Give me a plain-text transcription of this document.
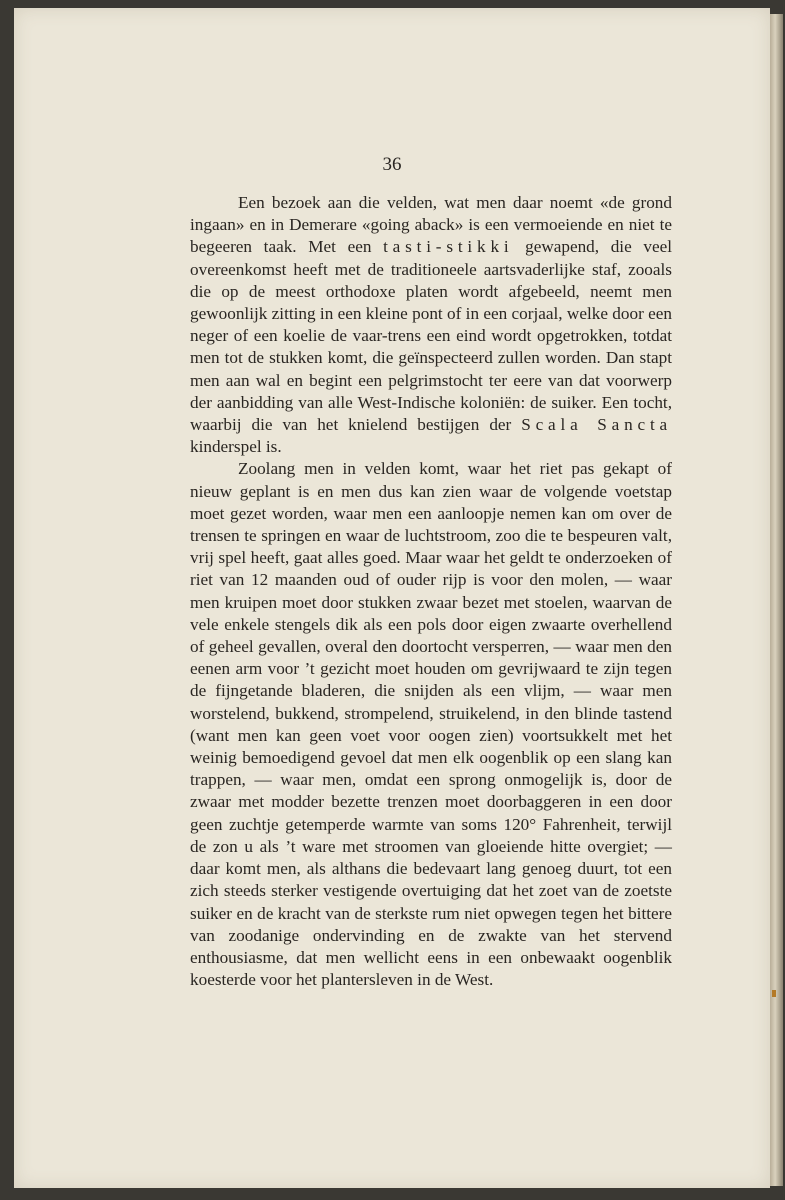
36

Een bezoek aan die velden, wat men daar noemt «de grond ingaan» en in Demerare «going aback» is een vermoeiende en niet te begeeren taak. Met een tasti-stikki gewapend, die veel overeenkomst heeft met de traditioneele aartsvaderlijke staf, zooals die op de meest orthodoxe platen wordt afgebeeld, neemt men gewoonlijk zitting in een kleine pont of in een corjaal, welke door een neger of een koelie de vaar-trens een eind wordt opgetrokken, totdat men tot de stukken komt, die geïnspecteerd zullen worden. Dan stapt men aan wal en begint een pelgrimstocht ter eere van dat voorwerp der aanbidding van alle West-Indische koloniën: de suiker. Een tocht, waarbij die van het knielend bestijgen der Scala Sancta kinderspel is.

Zoolang men in velden komt, waar het riet pas gekapt of nieuw geplant is en men dus kan zien waar de volgende voetstap moet gezet worden, waar men een aanloopje nemen kan om over de trensen te springen en waar de luchtstroom, zoo die te bespeuren valt, vrij spel heeft, gaat alles goed. Maar waar het geldt te onderzoeken of riet van 12 maanden oud of ouder rijp is voor den molen, — waar men kruipen moet door stukken zwaar bezet met stoelen, waarvan de vele enkele stengels dik als een pols door eigen zwaarte overhellend of geheel gevallen, overal den doortocht versperren, — waar men den eenen arm voor ’t gezicht moet houden om gevrijwaard te zijn tegen de fijngetande bladeren, die snijden als een vlijm, — waar men worstelend, bukkend, strompelend, struikelend, in den blinde tastend (want men kan geen voet voor oogen zien) voortsukkelt met het weinig bemoedigend gevoel dat men elk oogenblik op een slang kan trappen, — waar men, omdat een sprong onmogelijk is, door de zwaar met modder bezette trenzen moet doorbaggeren in een door geen zuchtje getemperde warmte van soms 120° Fahrenheit, terwijl de zon u als ’t ware met stroomen van gloeiende hitte overgiet; — daar komt men, als althans die bedevaart lang genoeg duurt, tot een zich steeds sterker vestigende overtuiging dat het zoet van de zoetste suiker en de kracht van de sterkste rum niet opwegen tegen het bittere van zoodanige ondervinding en de zwakte van het stervend enthousiasme, dat men wellicht eens in een onbewaakt oogenblik koesterde voor het plantersleven in de West.
